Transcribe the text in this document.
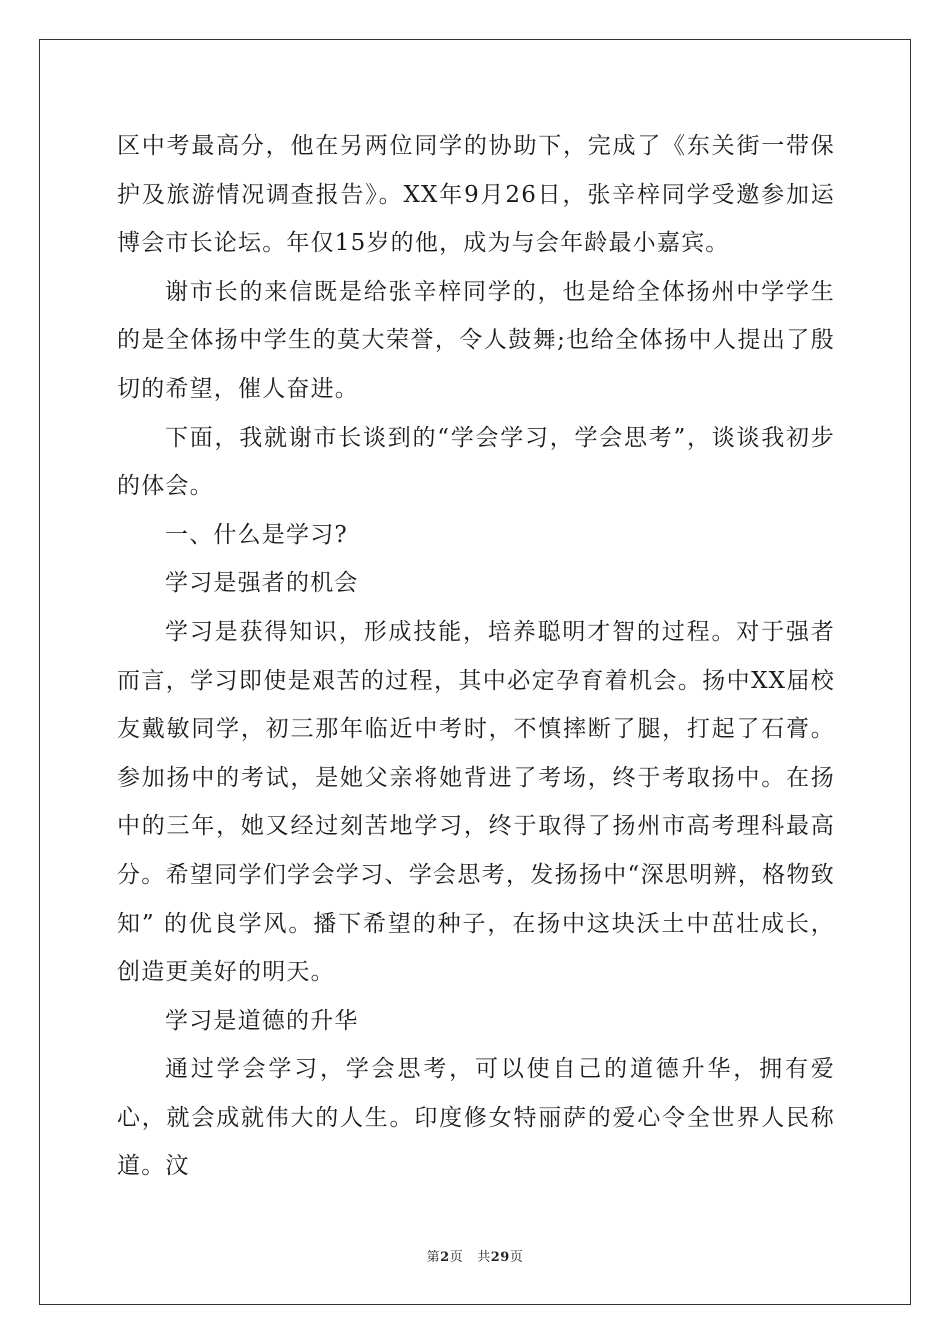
区中考最高分，他在另两位同学的协助下，完成了《东关街一带保护及旅游情况调查报告》。XX年9月26日，张辛梓同学受邀参加运博会市长论坛。年仅15岁的他，成为与会年龄最小嘉宾。

谢市长的来信既是给张辛梓同学的，也是给全体扬州中学学生的是全体扬中学生的莫大荣誉，令人鼓舞;也给全体扬中人提出了殷切的希望，催人奋进。

下面，我就谢市长谈到的“学会学习，学会思考”，谈谈我初步的体会。

一、什么是学习?

学习是强者的机会

学习是获得知识，形成技能，培养聪明才智的过程。对于强者而言，学习即使是艰苦的过程，其中必定孕育着机会。扬中XX届校友戴敏同学，初三那年临近中考时，不慎摔断了腿，打起了石膏。参加扬中的考试，是她父亲将她背进了考场，终于考取扬中。在扬中的三年，她又经过刻苦地学习，终于取得了扬州市高考理科最高分。希望同学们学会学习、学会思考，发扬扬中“深思明辨，格物致知” 的优良学风。播下希望的种子，在扬中这块沃土中茁壮成长，创造更美好的明天。

学习是道德的升华

通过学会学习，学会思考，可以使自己的道德升华，拥有爱心，就会成就伟大的人生。印度修女特丽萨的爱心令全世界人民称道。汶

第2页 共29页
